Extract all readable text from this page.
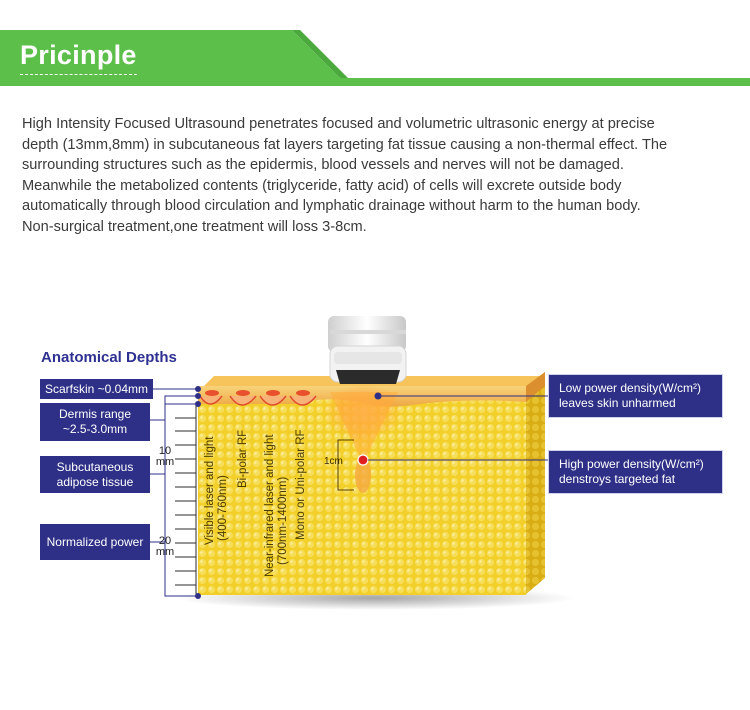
Pricinple
High Intensity Focused Ultrasound penetrates focused and volumetric ultrasonic energy at precise
depth (13mm,8mm) in subcutaneous fat layers targeting fat tissue causing a non-thermal effect. The
surrounding structures such as the epidermis, blood vessels and nerves will not be damaged.
Meanwhile the metabolized contents (triglyceride, fatty acid) of cells will excrete outside body
automatically through blood circulation and lymphatic drainage without harm to the human body.
Non-surgical treatment,one treatment will loss 3-8cm.
Anatomical Depths
Scarfskin ~0.04mm
Dermis range
~2.5-3.0mm
Subcutaneous
adipose tissue
Normalized power
10
mm
20
mm
Visible laser and light (400-760nm)
Bi-polar RF Near-infrared laser and light (700nm-1400nm) Mono or Uni-polar RF 1cm
Low power density(W/cm²)
leaves skin unharmed
High power density(W/cm²)
denstroys targeted fat
